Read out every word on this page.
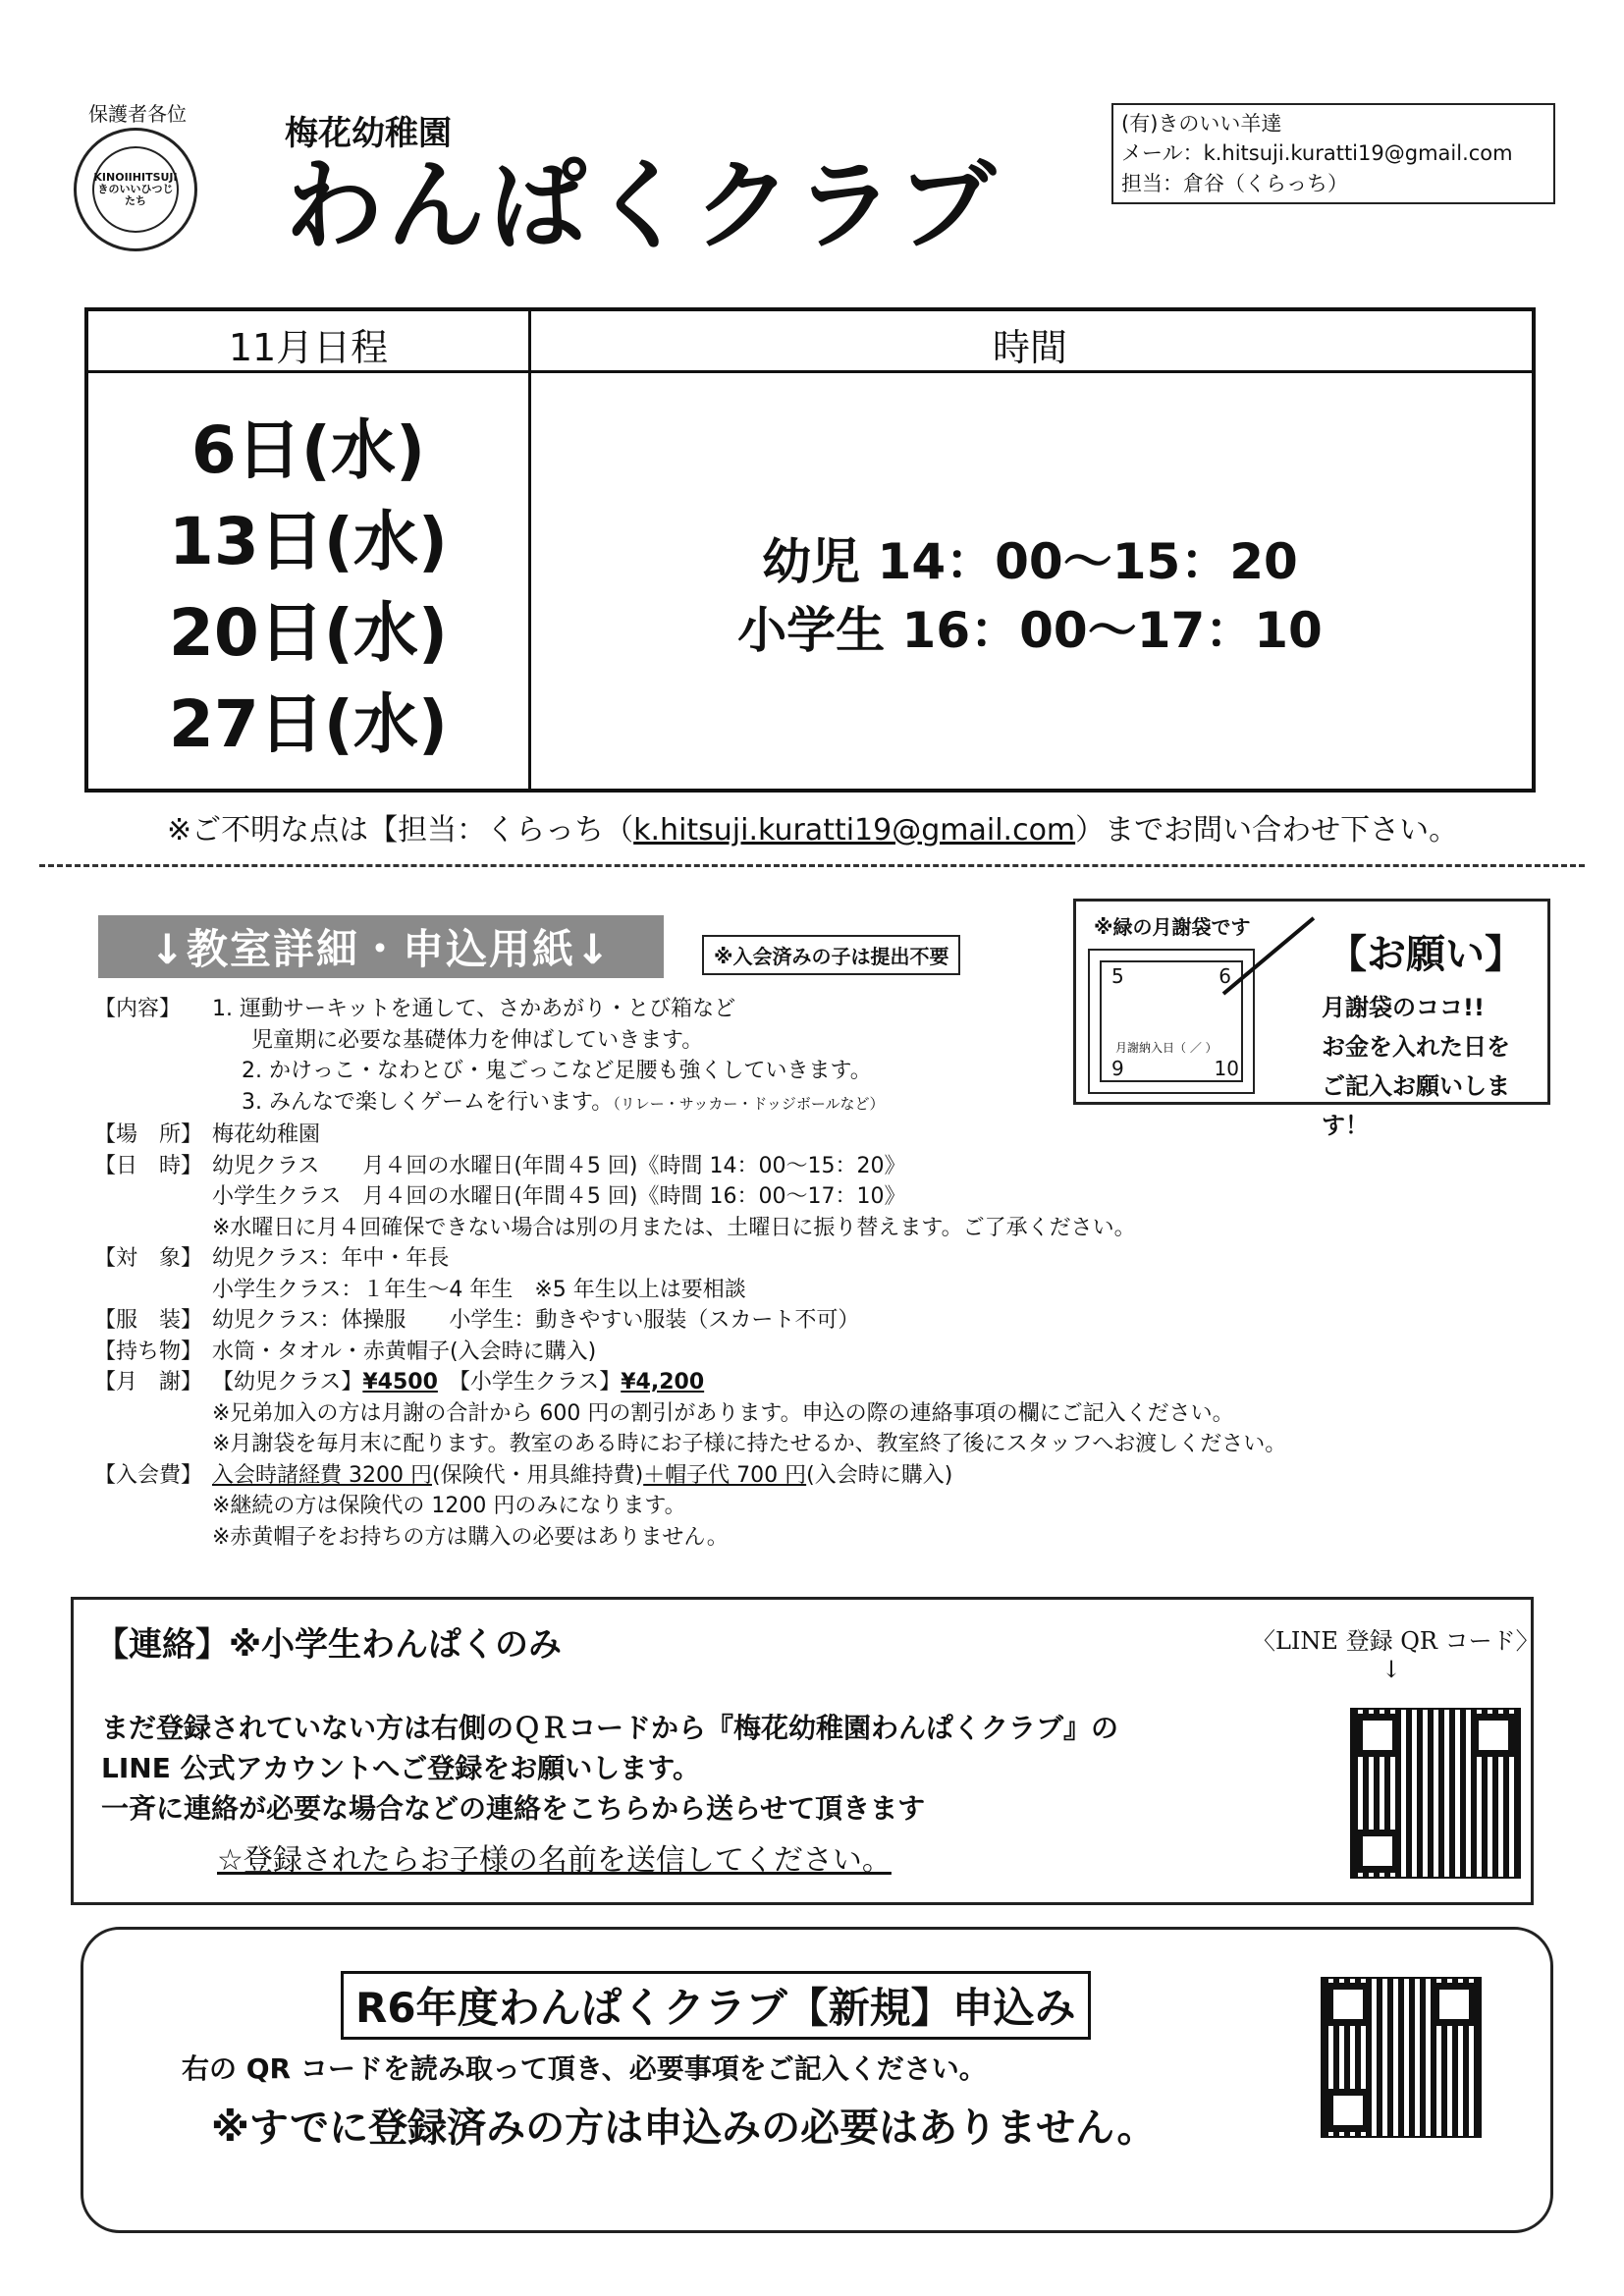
保護者各位
KINOIIHITSUJI きのいいひつじたち
梅花幼稚園
わんぱくクラブ
(有)きのいい羊達
メール：k.hitsuji.kuratti19@gmail.com
担当：倉谷（くらっち）
11月日程	時間
6日(水)
13日(水)
20日(水)
27日(水)
幼児 14：00～15：20
小学生 16：00～17：10
※ご不明な点は【担当：くらっち（k.hitsuji.kuratti19@gmail.com）までお問い合わせ下さい。
↓教室詳細・申込用紙↓	※入会済みの子は提出不要
※緑の月謝袋です
5	6
9	10
月謝納入日（ ／ ）
【お願い】
月謝袋のココ!!
お金を入れた日を
ご記入お願いします！
【内容】	1. 運動サーキットを通して、さかあがり・とび箱など
児童期に必要な基礎体力を伸ばしていきます。
2. かけっこ・なわとび・鬼ごっこなど足腰も強くしていきます。
3. みんなで楽しくゲームを行います。（リレー・サッカー・ドッジボールなど）
【場　所】 梅花幼稚園
【日　時】 幼児クラス　　月４回の水曜日(年間４5 回)《時間 14：00～15：20》
小学生クラス　月４回の水曜日(年間４5 回)《時間 16：00～17：10》
※水曜日に月４回確保できない場合は別の月または、土曜日に振り替えます。ご了承ください。
【対　象】 幼児クラス：年中・年長
小学生クラス：１年生～4 年生　※5 年生以上は要相談
【服　装】 幼児クラス：体操服　　小学生：動きやすい服装（スカート不可）
【持ち物】 水筒・タオル・赤黄帽子(入会時に購入)
【月　謝】 【幼児クラス】¥4500　【小学生クラス】¥4,200
※兄弟加入の方は月謝の合計から 600 円の割引があります。申込の際の連絡事項の欄にご記入ください。
※月謝袋を毎月末に配ります。教室のある時にお子様に持たせるか、教室終了後にスタッフへお渡しください。
【入会費】 入会時諸経費 3200 円(保険代・用具維持費)＋帽子代 700 円(入会時に購入)
※継続の方は保険代の 1200 円のみになります。
※赤黄帽子をお持ちの方は購入の必要はありません。
【連絡】※小学生わんぱくのみ	〈LINE 登録 QR コード〉
↓
まだ登録されていない方は右側のＱＲコードから『梅花幼稚園わんぱくクラブ』の
LINE 公式アカウントへご登録をお願いします。
一斉に連絡が必要な場合などの連絡をこちらから送らせて頂きます
☆登録されたらお子様の名前を送信してください。
R6年度わんぱくクラブ【新規】申込み
右の QR コードを読み取って頂き、必要事項をご記入ください。
※すでに登録済みの方は申込みの必要はありません。
